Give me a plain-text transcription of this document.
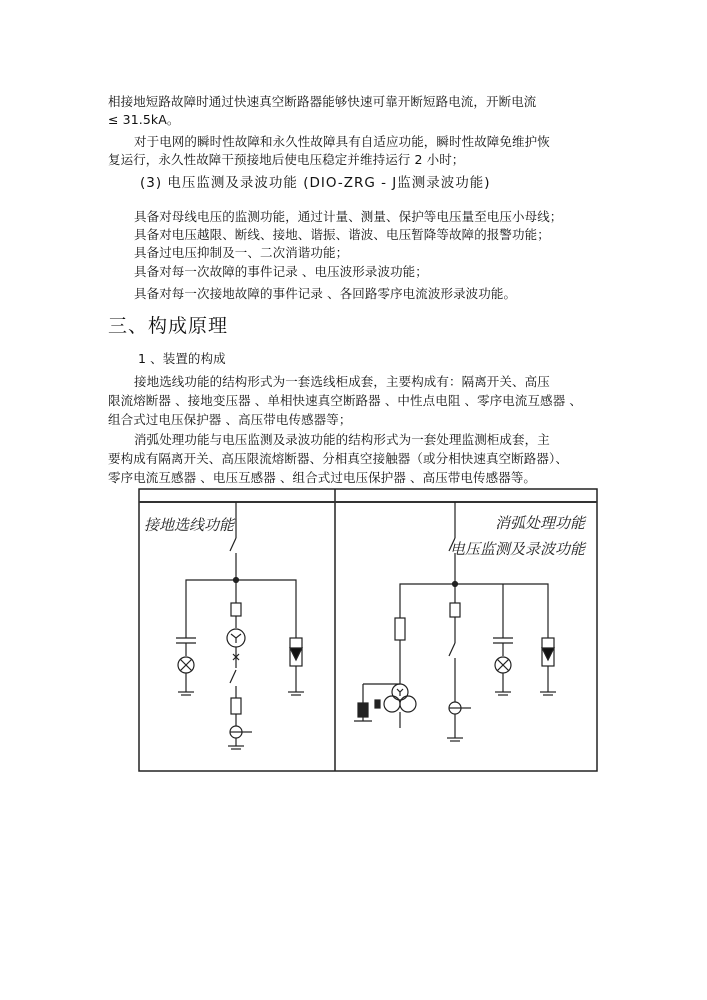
相接地短路故障时通过快速真空断路器能够快速可靠开断短路电流，开断电流
≤ 31.5kA。
对于电网的瞬时性故障和永久性故障具有自适应功能，瞬时性故障免维护恢
复运行，永久性故障干预接地后使电压稳定并维持运行 2 小时；
(3) 电压监测及录波功能 (DIO-ZRG - J监测录波功能)
具备对母线电压的监测功能，通过计量、测量、保护等电压量至电压小母线；
具备对电压越限、断线、接地、谐振、谐波、电压暂降等故障的报警功能；
具备过电压抑制及一、二次消谐功能；
具备对每一次故障的事件记录 、电压波形录波功能；
具备对每一次接地故障的事件记录 、各回路零序电流波形录波功能。
三、构成原理
1 、装置的构成
接地选线功能的结构形式为一套选线柜成套，主要构成有：隔离开关、高压
限流熔断器 、接地变压器 、单相快速真空断路器 、中性点电阻 、零序电流互感器 、
组合式过电压保护器 、高压带电传感器等；
消弧处理功能与电压监测及录波功能的结构形式为一套处理监测柜成套，主
要构成有隔离开关、高压限流熔断器、分相真空接触器（或分相快速真空断路器）、
零序电流互感器 、电压互感器 、组合式过电压保护器 、高压带电传感器等。
接地选线功能	消弧处理功能
电压监测及录波功能
